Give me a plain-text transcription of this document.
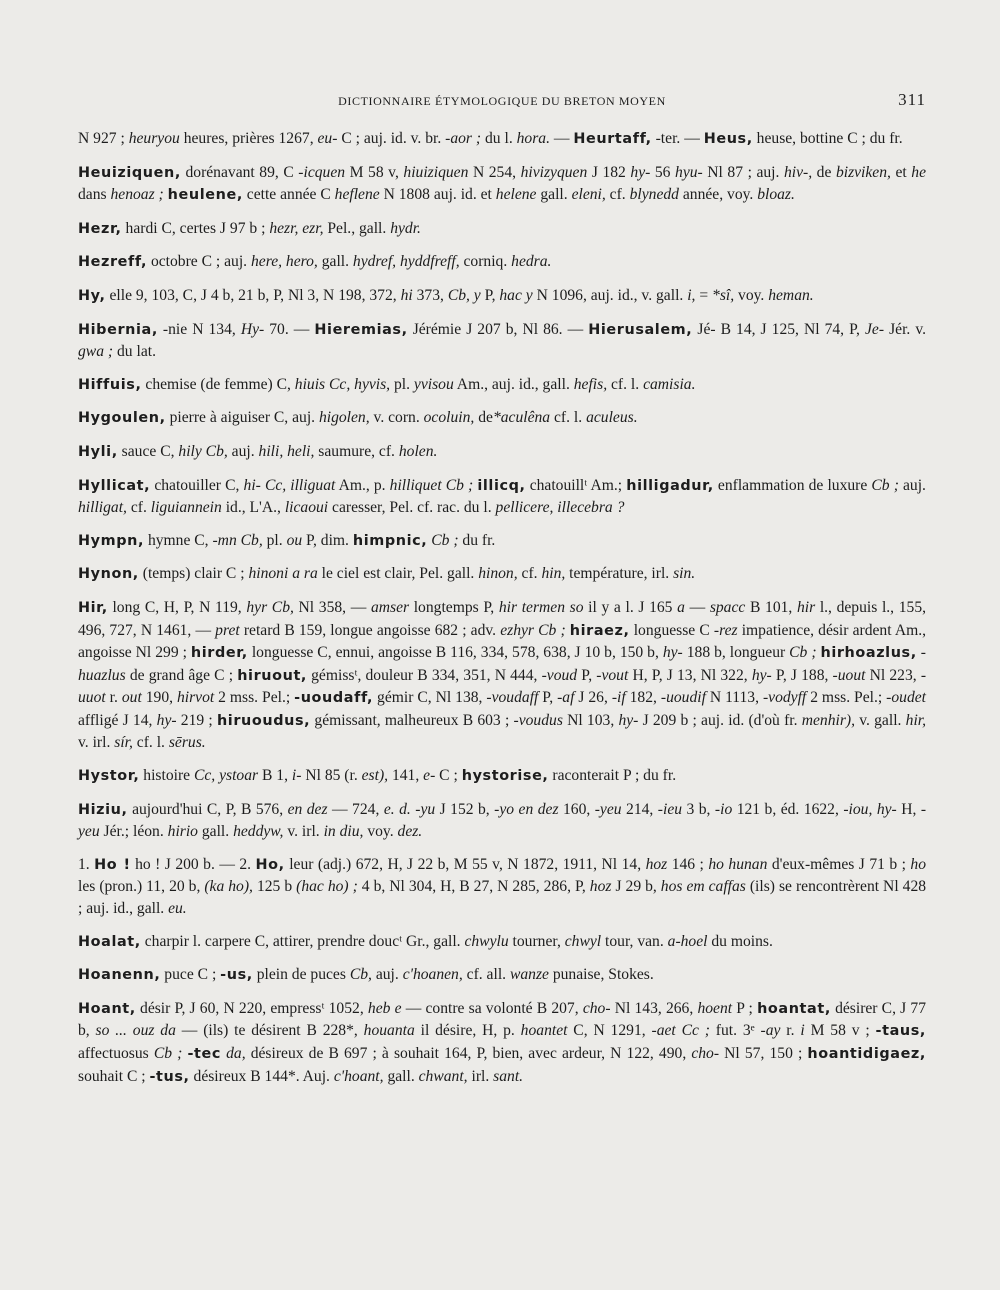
DICTIONNAIRE ÉTYMOLOGIQUE DU BRETON MOYEN	311

N 927 ; heuryou heures, prières 1267, eu- C ; auj. id. v. br. -aor ; du l. hora. — Heurtaff, -ter. — Heus, heuse, bottine C ; du fr.

Heuiziquen, dorénavant 89, C -icquen M 58 v, hiuiziquen N 254, hivizyquen J 182 hy- 56 hyu- Nl 87 ; auj. hiv-, de bizviken, et he dans henoaz ; heulene, cette année C heflene N 1808 auj. id. et helene gall. eleni, cf. blynedd année, voy. bloaz.

Hezr, hardi C, certes J 97 b ; hezr, ezr, Pel., gall. hydr.

Hezreff, octobre C ; auj. here, hero, gall. hydref, hyddfreff, corniq. hedra.

Hy, elle 9, 103, C, J 4 b, 21 b, P, Nl 3, N 198, 372, hi 373, Cb, y P, hac y N 1096, auj. id., v. gall. i, = *sî, voy. heman.

Hibernia, -nie N 134, Hy- 70. — Hieremias, Jérémie J 207 b, Nl 86. — Hierusalem, Jé- B 14, J 125, Nl 74, P, Je- Jér. v. gwa ; du lat.

Hiffuis, chemise (de femme) C, hiuis Cc, hyvis, pl. yvisou Am., auj. id., gall. hefis, cf. l. camisia.

Hygoulen, pierre à aiguiser C, auj. higolen, v. corn. ocoluin, de*aculêna cf. l. aculeus.

Hyli, sauce C, hily Cb, auj. hili, heli, saumure, cf. holen.

Hyllicat, chatouiller C, hi- Cc, illiguat Am., p. hilliquet Cb ; illicq, chatouillᵗ Am.; hilligadur, enflammation de luxure Cb ; auj. hilligat, cf. liguiannein id., L'A., licaoui caresser, Pel. cf. rac. du l. pellicere, illecebra ?

Hympn, hymne C, -mn Cb, pl. ou P, dim. himpnic, Cb ; du fr.

Hynon, (temps) clair C ; hinoni a ra le ciel est clair, Pel. gall. hinon, cf. hin, température, irl. sin.

Hir, long C, H, P, N 119, hyr Cb, Nl 358, — amser longtemps P, hir termen so il y a l. J 165 a — spacc B 101, hir l., depuis l., 155, 496, 727, N 1461, — pret retard B 159, longue angoisse 682 ; adv. ezhyr Cb ; hiraez, longuesse C -rez impatience, désir ardent Am., angoisse Nl 299 ; hirder, longuesse C, ennui, angoisse B 116, 334, 578, 638, J 10 b, 150 b, hy- 188 b, longueur Cb ; hirhoazlus, -huazlus de grand âge C ; hiruout, gémissᵗ, douleur B 334, 351, N 444, -voud P, -vout H, P, J 13, Nl 322, hy- P, J 188, -uout Nl 223, -uuot r. out 190, hirvot 2 mss. Pel.; -uoudaff, gémir C, Nl 138, -voudaff P, -af J 26, -if 182, -uoudif N 1113, -vodyff 2 mss. Pel.; -oudet affligé J 14, hy- 219 ; hiruoudus, gémissant, malheureux B 603 ; -voudus Nl 103, hy- J 209 b ; auj. id. (d'où fr. menhir), v. gall. hir, v. irl. sír, cf. l. sērus.

Hystor, histoire Cc, ystoar B 1, i- Nl 85 (r. est), 141, e- C ; hystorise, raconterait P ; du fr.

Hiziu, aujourd'hui C, P, B 576, en dez — 724, e. d. -yu J 152 b, -yo en dez 160, -yeu 214, -ieu 3 b, -io 121 b, éd. 1622, -iou, hy- H, -yeu Jér.; léon. hirio gall. heddyw, v. irl. in diu, voy. dez.

1. Ho ! ho ! J 200 b. — 2. Ho, leur (adj.) 672, H, J 22 b, M 55 v, N 1872, 1911, Nl 14, hoz 146 ; ho hunan d'eux-mêmes J 71 b ; ho les (pron.) 11, 20 b, (ka ho), 125 b (hac ho) ; 4 b, Nl 304, H, B 27, N 285, 286, P, hoz J 29 b, hos em caffas (ils) se rencontrèrent Nl 428 ; auj. id., gall. eu.

Hoalat, charpir l. carpere C, attirer, prendre doucᵗ Gr., gall. chwylu tourner, chwyl tour, van. a-hoel du moins.

Hoanenn, puce C ; -us, plein de puces Cb, auj. c'hoanen, cf. all. wanze punaise, Stokes.

Hoant, désir P, J 60, N 220, empressᵗ 1052, heb e — contre sa volonté B 207, cho- Nl 143, 266, hoent P ; hoantat, désirer C, J 77 b, so ... ouz da — (ils) te désirent B 228*, houanta il désire, H, p. hoantet C, N 1291, -aet Cc ; fut. 3ᵉ -ay r. i M 58 v ; -taus, affectuosus Cb ; -tec da, désireux de B 697 ; à souhait 164, P, bien, avec ardeur, N 122, 490, cho- Nl 57, 150 ; hoantidigaez, souhait C ; -tus, désireux B 144*. Auj. c'hoant, gall. chwant, irl. sant.
